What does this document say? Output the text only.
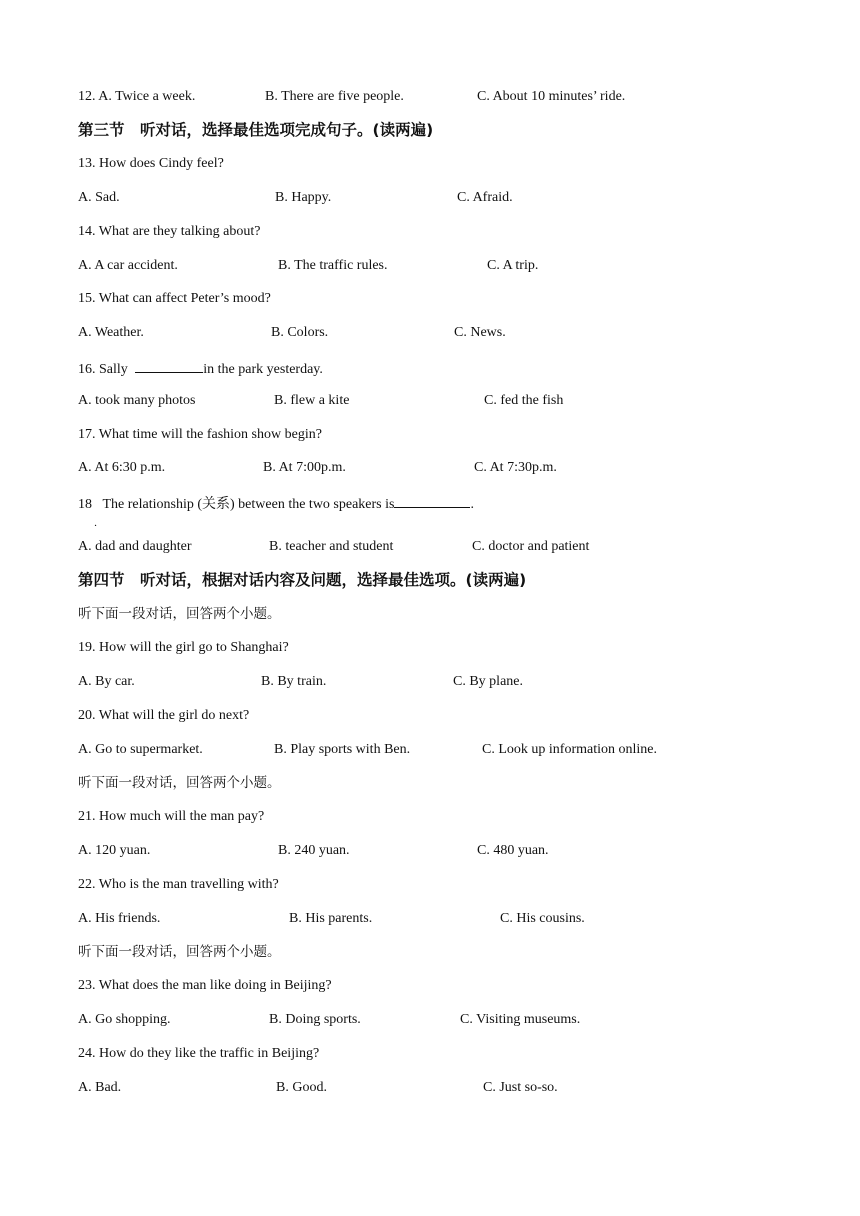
12. A. Twice a week.	B. There are five people.	C. About 10 minutes’ ride.
第三节　听对话，选择最佳选项完成句子。(读两遍)
13. How does Cindy feel?
A. Sad.	B. Happy.	C. Afraid.
14. What are they talking about?
A. A car accident.	B. The traffic rules.	C. A trip.
15. What can affect Peter’s mood?
A. Weather.	B. Colors.	C. News.
16. Sally	in the park yesterday.
A. took many photos	B. flew a kite	C. fed the fish
17. What time will the fashion show begin?
A. At 6:30 p.m.	B. At 7:00p.m.	C. At 7:30p.m.
18 The relationship (关系) between the two speakers is	.
．
A. dad and daughter	B. teacher and student	C. doctor and patient
第四节　听对话，根据对话内容及问题，选择最佳选项。(读两遍)
听下面一段对话，回答两个小题。
19. How will the girl go to Shanghai?
A. By car.	B. By train.	C. By plane.
20. What will the girl do next?
A. Go to supermarket.	B. Play sports with Ben.	C. Look up information online.
听下面一段对话，回答两个小题。
21. How much will the man pay?
A. 120 yuan.	B. 240 yuan.	C. 480 yuan.
22. Who is the man travelling with?
A. His friends.	B. His parents.	C. His cousins.
听下面一段对话，回答两个小题。
23. What does the man like doing in Beijing?
A. Go shopping.	B. Doing sports.	C. Visiting museums.
24. How do they like the traffic in Beijing?
A. Bad.	B. Good.	C. Just so-so.
